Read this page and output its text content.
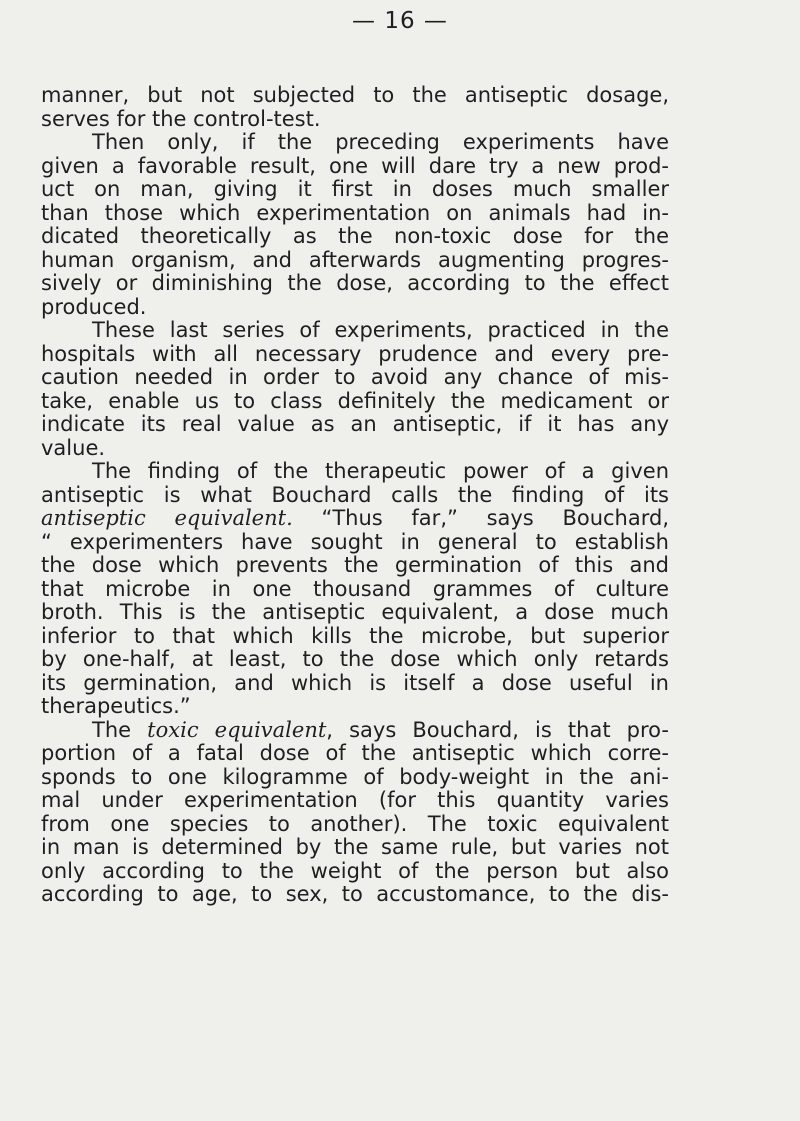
— 16 —
manner, but not subjected to the antiseptic dosage,
serves for the control-test.
Then only, if the preceding experiments have
given a favorable result, one will dare try a new prod-
uct on man, giving it first in doses much smaller
than those which experimentation on animals had in-
dicated theoretically as the non-toxic dose for the
human organism, and afterwards augmenting progres-
sively or diminishing the dose, according to the effect
produced.
These last series of experiments, practiced in the
hospitals with all necessary prudence and every pre-
caution needed in order to avoid any chance of mis-
take, enable us to class definitely the medicament or
indicate its real value as an antiseptic, if it has any
value.
The finding of the therapeutic power of a given
antiseptic is what Bouchard calls the finding of its
antiseptic equivalent. “Thus far,” says Bouchard,
“ experimenters have sought in general to establish
the dose which prevents the germination of this and
that microbe in one thousand grammes of culture
broth. This is the antiseptic equivalent, a dose much
inferior to that which kills the microbe, but superior
by one-half, at least, to the dose which only retards
its germination, and which is itself a dose useful in
therapeutics.”
The toxic equivalent, says Bouchard, is that pro-
portion of a fatal dose of the antiseptic which corre-
sponds to one kilogramme of body-weight in the ani-
mal under experimentation (for this quantity varies
from one species to another). The toxic equivalent
in man is determined by the same rule, but varies not
only according to the weight of the person but also
according to age, to sex, to accustomance, to the dis-
